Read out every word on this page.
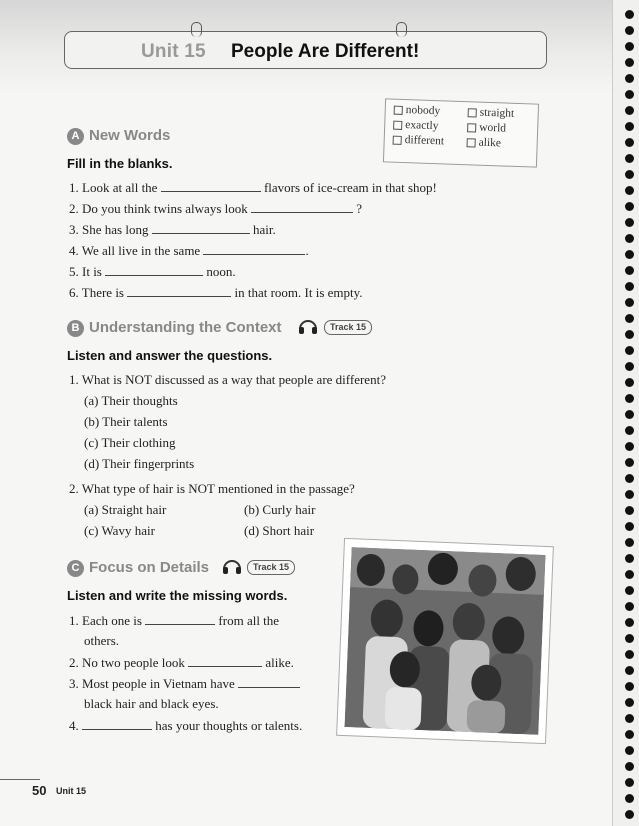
Unit 15 People Are Different!
nobody
exactly
different
straight
world
alike
A New Words
Fill in the blanks.
1. Look at all the	flavors of ice-cream in that shop!
2. Do you think twins always look	?
3. She has long	hair.
4. We all live in the same	.
5. It is	noon.
6. There is	in that room. It is empty.
B Understanding the Context	Track 15
Listen and answer the questions.
1. What is NOT discussed as a way that people are different?
(a) Their thoughts
(b) Their talents
(c) Their clothing
(d) Their fingerprints
2. What type of hair is NOT mentioned in the passage?
(a) Straight hair	(b) Curly hair
(c) Wavy hair	(d) Short hair
C Focus on Details	Track 15
Listen and write the missing words.
1. Each one is	from all the
others.
2. No two people look	alike.
3. Most people in Vietnam have
black hair and black eyes.
4.	has your thoughts or talents.
50 Unit 15
